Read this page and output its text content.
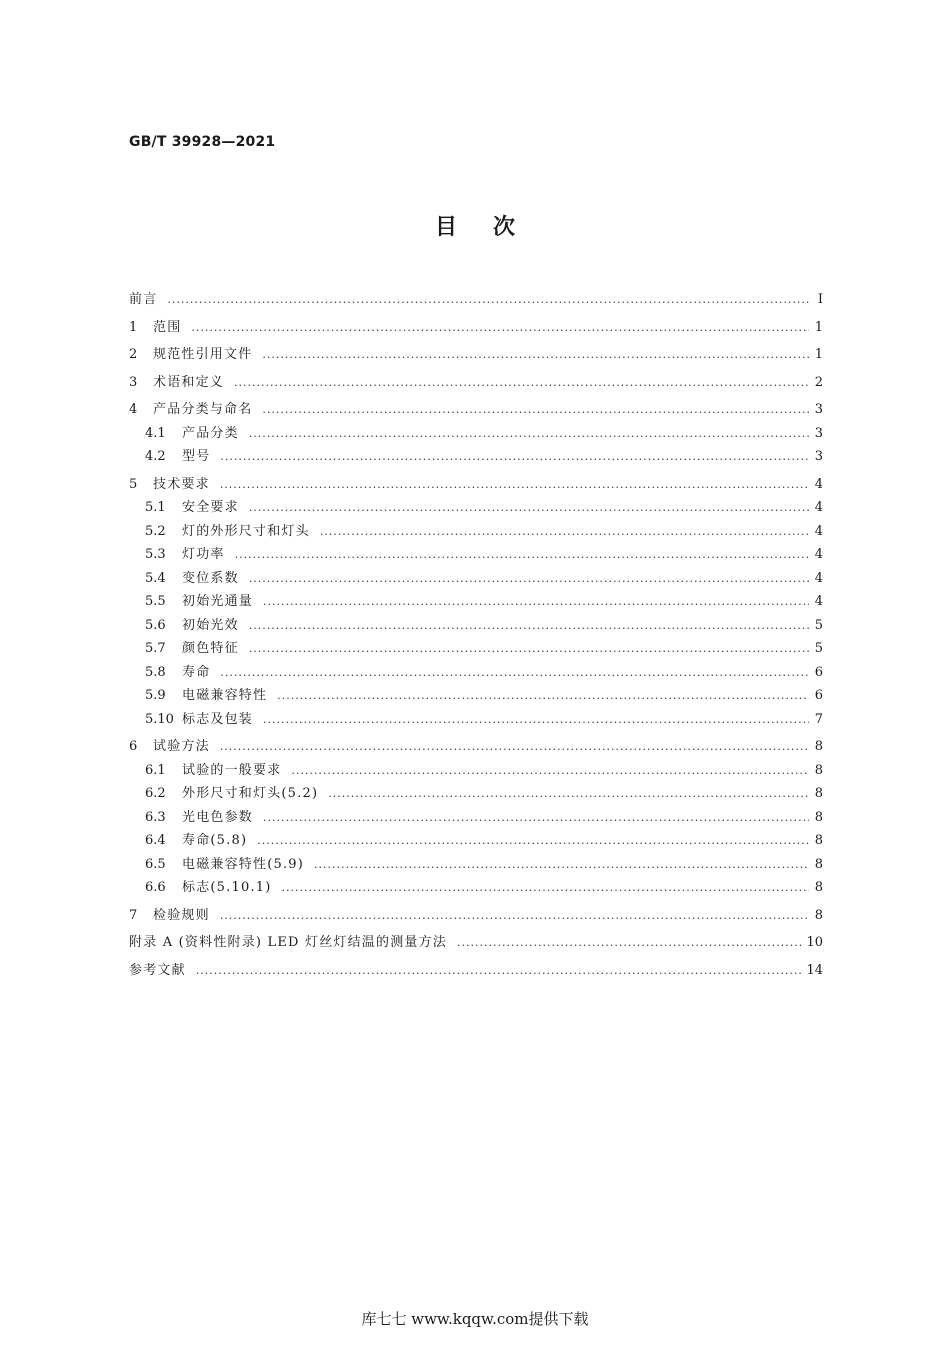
GB/T 39928—2021
目次
前言 .....	Ⅰ
1	范围 .....	1
2	规范性引用文件 .....	1
3	术语和定义 .....	2
4	产品分类与命名 .....	3
4.1	产品分类 .....	3
4.2	型号 .....	3
5	技术要求 .....	4
5.1	安全要求 .....	4
5.2	灯的外形尺寸和灯头 .....	4
5.3	灯功率 .....	4
5.4	变位系数 .....	4
5.5	初始光通量 .....	4
5.6	初始光效 .....	5
5.7	颜色特征 .....	5
5.8	寿命 .....	6
5.9	电磁兼容特性 .....	6
5.10 标志及包装 .....	7
6	试验方法 .....	8
6.1	试验的一般要求 .....	8
6.2	外形尺寸和灯头(5.2) .....	8
6.3	光电色参数 .....	8
6.4	寿命(5.8) .....	8
6.5	电磁兼容特性(5.9) .....	8
6.6	标志(5.10.1) .....	8
7	检验规则 .....	8
附录 A (资料性附录) LED 灯丝灯结温的测量方法 .....	10
参考文献 .....	14
库七七 www.kqqw.com提供下载
